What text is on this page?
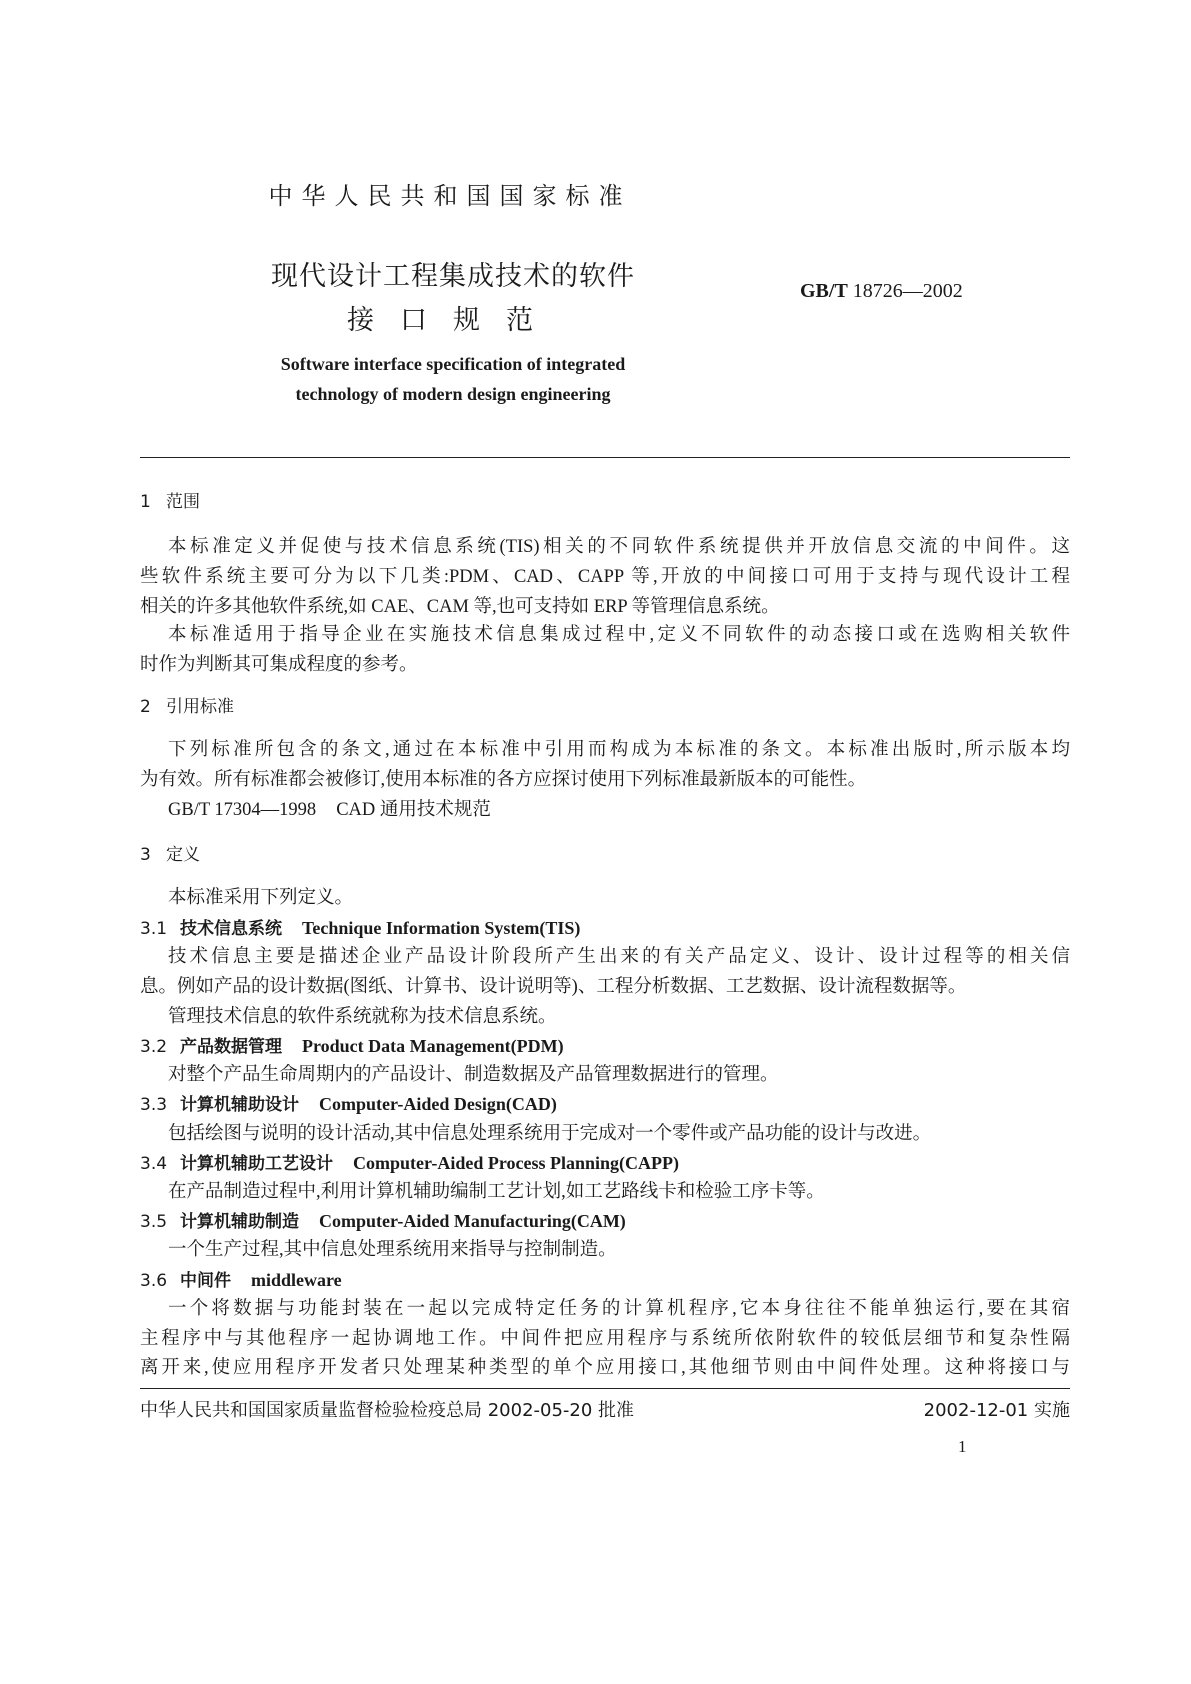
中华人民共和国国家标准
现代设计工程集成技术的软件
接口规范
GB/T 18726—2002
Software interface specification of integrated
technology of modern design engineering
1 范围
本标准定义并促使与技术信息系统(TIS)相关的不同软件系统提供并开放信息交流的中间件。这
些软件系统主要可分为以下几类:PDM、CAD、CAPP 等,开放的中间接口可用于支持与现代设计工程
相关的许多其他软件系统,如 CAE、CAM 等,也可支持如 ERP 等管理信息系统。
本标准适用于指导企业在实施技术信息集成过程中,定义不同软件的动态接口或在选购相关软件
时作为判断其可集成程度的参考。
2 引用标准
下列标准所包含的条文,通过在本标准中引用而构成为本标准的条文。本标准出版时,所示版本均
为有效。所有标准都会被修订,使用本标准的各方应探讨使用下列标准最新版本的可能性。
GB/T 17304—1998 CAD 通用技术规范
3 定义
本标准采用下列定义。
3.1 技术信息系统 Technique Information System(TIS)
技术信息主要是描述企业产品设计阶段所产生出来的有关产品定义、设计、设计过程等的相关信
息。例如产品的设计数据(图纸、计算书、设计说明等)、工程分析数据、工艺数据、设计流程数据等。
管理技术信息的软件系统就称为技术信息系统。
3.2 产品数据管理 Product Data Management(PDM)
对整个产品生命周期内的产品设计、制造数据及产品管理数据进行的管理。
3.3 计算机辅助设计 Computer-Aided Design(CAD)
包括绘图与说明的设计活动,其中信息处理系统用于完成对一个零件或产品功能的设计与改进。
3.4 计算机辅助工艺设计 Computer-Aided Process Planning(CAPP)
在产品制造过程中,利用计算机辅助编制工艺计划,如工艺路线卡和检验工序卡等。
3.5 计算机辅助制造 Computer-Aided Manufacturing(CAM)
一个生产过程,其中信息处理系统用来指导与控制制造。
3.6 中间件 middleware
一个将数据与功能封装在一起以完成特定任务的计算机程序,它本身往往不能单独运行,要在其宿
主程序中与其他程序一起协调地工作。中间件把应用程序与系统所依附软件的较低层细节和复杂性隔
离开来,使应用程序开发者只处理某种类型的单个应用接口,其他细节则由中间件处理。这种将接口与
中华人民共和国国家质量监督检验检疫总局 2002-05-20 批准	2002-12-01 实施
1
